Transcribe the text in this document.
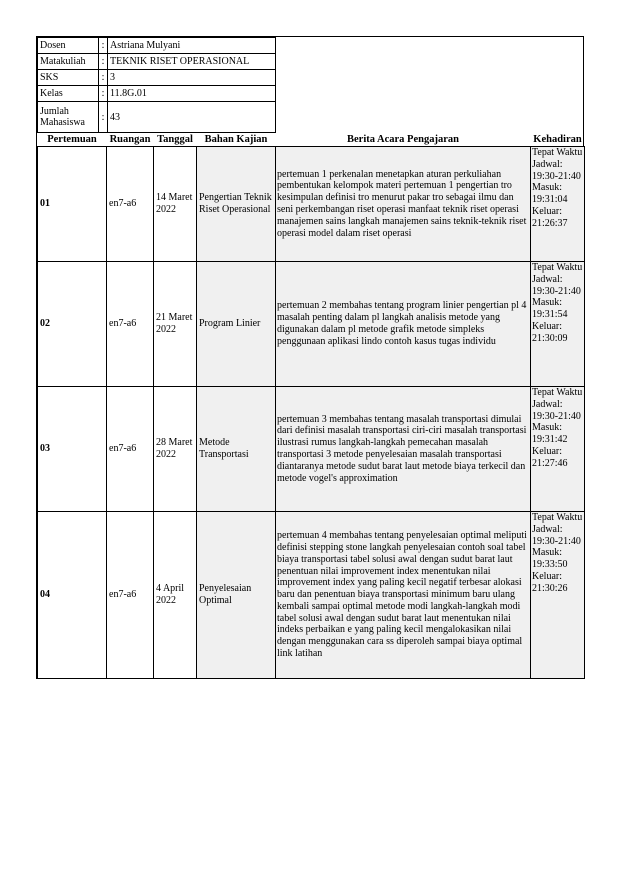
Dosen	:	Astriana Mulyani
Matakuliah	:	TEKNIK RISET OPERASIONAL
SKS	:	3
Kelas	:	11.8G.01
Jumlah Mahasiswa	:	43
Pertemuan	Ruangan	Tanggal	Bahan Kajian	Berita Acara Pengajaran	Kehadiran
01	en7-a6	14 Maret 2022	Pengertian Teknik Riset Operasional	pertemuan 1 perkenalan menetapkan aturan perkuliahan pembentukan kelompok materi pertemuan 1 pengertian tro kesimpulan definisi tro menurut pakar tro sebagai ilmu dan seni perkembangan riset operasi manfaat teknik riset operasi manajemen sains langkah manajemen sains teknik-teknik riset operasi model dalam riset operasi	Tepat Waktu Jadwal: 19:30-21:40 Masuk: 19:31:04 Keluar: 21:26:37
02	en7-a6	21 Maret 2022	Program Linier	pertemuan 2 membahas tentang program linier pengertian pl 4 masalah penting dalam pl langkah analisis metode yang digunakan dalam pl metode grafik metode simpleks penggunaan aplikasi lindo contoh kasus tugas individu	Tepat Waktu Jadwal: 19:30-21:40 Masuk: 19:31:54 Keluar: 21:30:09
03	en7-a6	28 Maret 2022	Metode Transportasi	pertemuan 3 membahas tentang masalah transportasi dimulai dari definisi masalah transportasi ciri-ciri masalah transportasi ilustrasi rumus langkah-langkah pemecahan masalah transportasi 3 metode penyelesaian masalah transportasi diantaranya metode sudut barat laut metode biaya terkecil dan metode vogel's approximation	Tepat Waktu Jadwal: 19:30-21:40 Masuk: 19:31:42 Keluar: 21:27:46
04	en7-a6	4 April 2022	Penyelesaian Optimal	pertemuan 4 membahas tentang penyelesaian optimal meliputi definisi stepping stone langkah penyelesaian contoh soal tabel biaya transportasi tabel solusi awal dengan sudut barat laut penentuan nilai improvement index menentukan nilai improvement index yang paling kecil negatif terbesar alokasi baru dan penentuan biaya transportasi minimum baru ulang kembali sampai optimal metode modi langkah-langkah modi tabel solusi awal dengan sudut barat laut menentukan nilai indeks perbaikan e yang paling kecil mengalokasikan nilai dengan menggunakan cara ss diperoleh sampai biaya optimal link latihan	Tepat Waktu Jadwal: 19:30-21:40 Masuk: 19:33:50 Keluar: 21:30:26
